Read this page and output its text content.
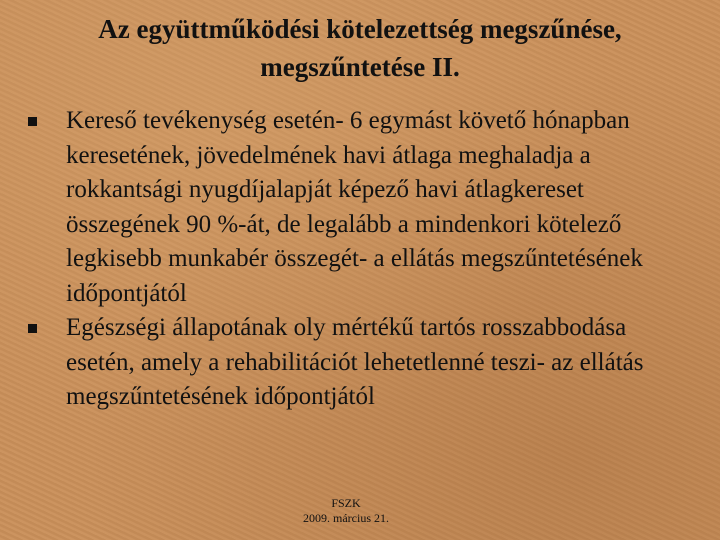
Az együttműködési kötelezettség megszűnése, megszűntetése II.
Kereső tevékenység esetén- 6 egymást követő hónapban keresetének, jövedelmének havi átlaga meghaladja a rokkantsági nyugdíjalapját képező havi átlagkereset összegének 90 %-át, de legalább a mindenkori kötelező legkisebb munkabér összegét- a ellátás megszűntetésének időpontjától
Egészségi állapotának oly mértékű tartós rosszabbodása esetén, amely a rehabilitációt lehetetlenné teszi- az ellátás megszűntetésének időpontjától
FSZK
2009. március 21.
